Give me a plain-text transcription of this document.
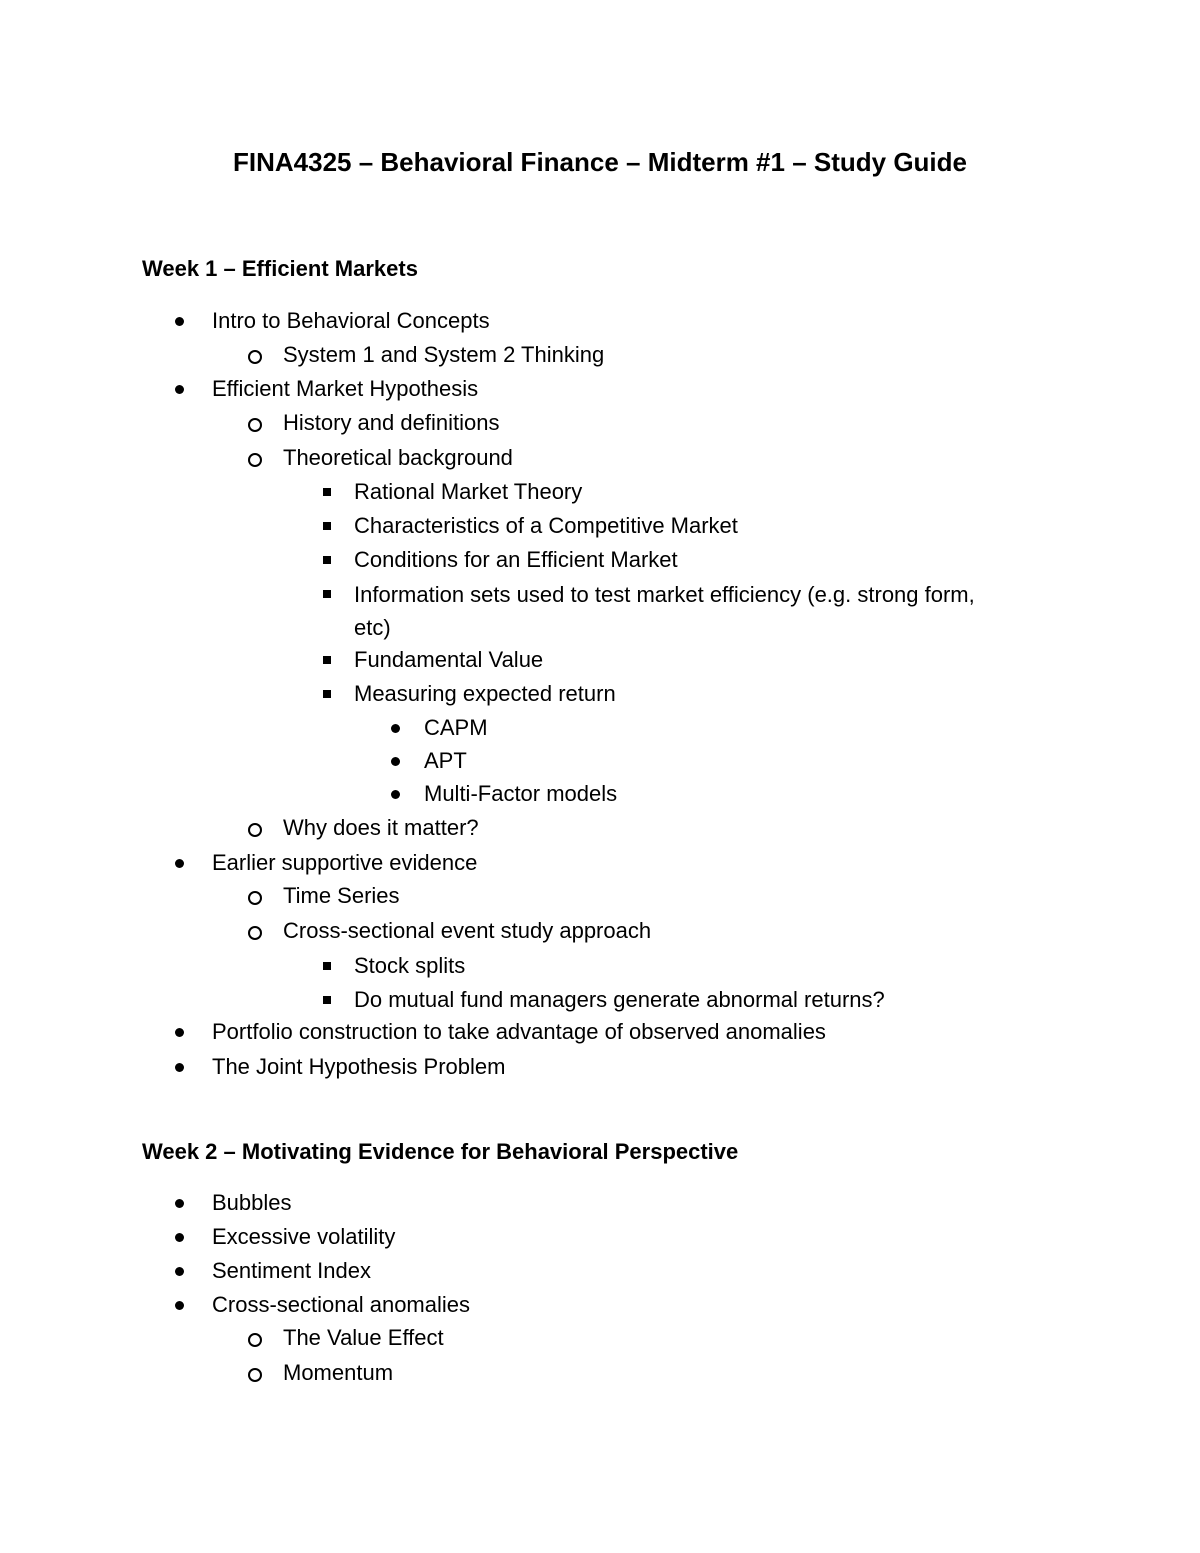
FINA4325 – Behavioral Finance – Midterm #1 – Study Guide
Week 1 – Efficient Markets
Intro to Behavioral Concepts
System 1 and System 2 Thinking
Efficient Market Hypothesis
History and definitions
Theoretical background
Rational Market Theory
Characteristics of a Competitive Market
Conditions for an Efficient Market
Information sets used to test market efficiency (e.g. strong form, etc)
Fundamental Value
Measuring expected return
CAPM
APT
Multi-Factor models
Why does it matter?
Earlier supportive evidence
Time Series
Cross-sectional event study approach
Stock splits
Do mutual fund managers generate abnormal returns?
Portfolio construction to take advantage of observed anomalies
The Joint Hypothesis Problem
Week 2 – Motivating Evidence for Behavioral Perspective
Bubbles
Excessive volatility
Sentiment Index
Cross-sectional anomalies
The Value Effect
Momentum
